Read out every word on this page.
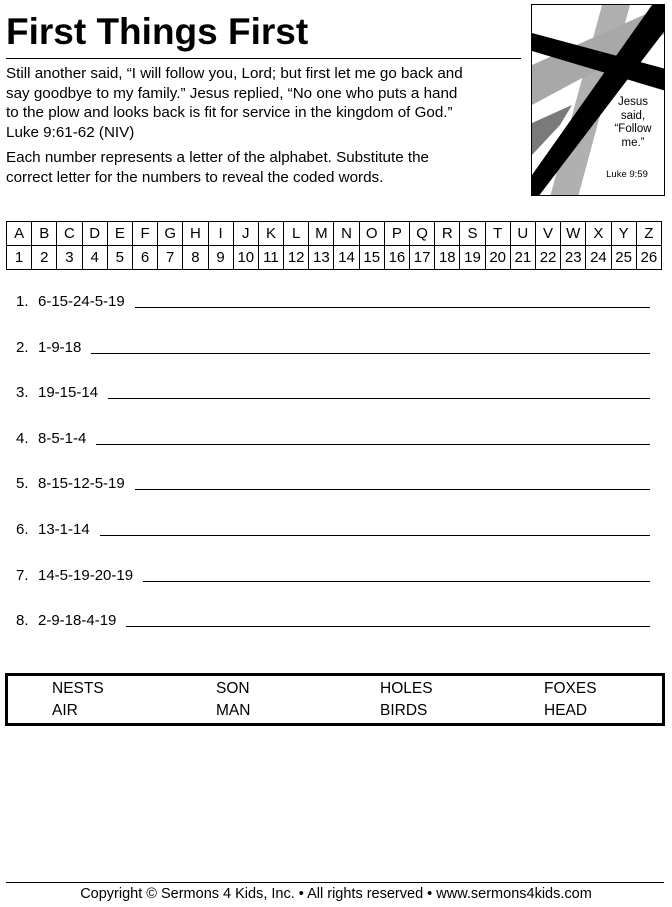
First Things First

Still another said, “I will follow you, Lord; but first let me go back and

say goodbye to my family.” Jesus replied, “No one who puts a hand

to the plow and looks back is fit for service in the kingdom of God.”

Luke 9:61-62 (NIV)

Each number represents a letter of the alphabet. Substitute the

correct letter for the numbers to reveal the coded words.

Jesus
said,
“Follow
me.”
Luke 9:59
A	B	C	D	E	F	G	H	I	J	K	L	M	N	O	P	Q	R	S	T	U	V	W	X	Y	Z
1	2	3	4	5	6	7	8	9	10	11	12	13	14	15	16	17	18	19	20	21	22	23	24	25	26
1. 6-15-24-5-19
2. 1-9-18
3. 19-15-14
4. 8-5-1-4
5. 8-15-12-5-19
6. 13-1-14
7. 14-5-19-20-19
8. 2-9-18-4-19
NESTS	SON	HOLES	FOXES
AIR	MAN	BIRDS	HEAD
Copyright © Sermons 4 Kids, Inc. • All rights reserved • www.sermons4kids.com
